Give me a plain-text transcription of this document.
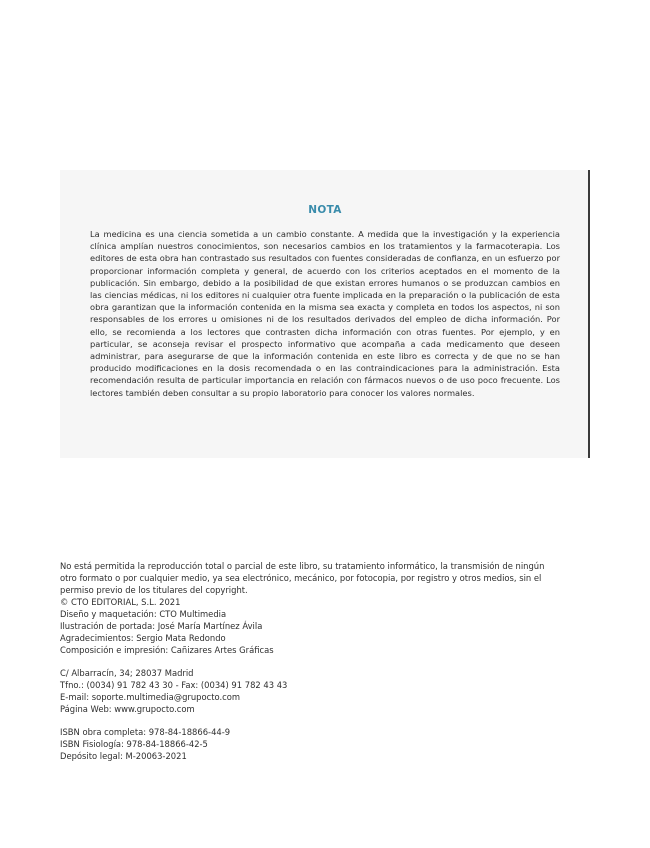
NOTA
La medicina es una ciencia sometida a un cambio constante. A medida que la investigación y la experiencia clínica amplían nuestros conocimientos, son necesarios cambios en los tratamientos y la farmacoterapia. Los editores de esta obra han contrastado sus resultados con fuentes consideradas de confianza, en un esfuerzo por proporcionar información completa y general, de acuerdo con los criterios aceptados en el momento de la publicación. Sin embargo, debido a la posibilidad de que existan errores humanos o se produzcan cambios en las ciencias médicas, ni los editores ni cualquier otra fuente implicada en la preparación o la publicación de esta obra garantizan que la información contenida en la misma sea exacta y completa en todos los aspectos, ni son responsables de los errores u omisiones ni de los resultados derivados del empleo de dicha información. Por ello, se recomienda a los lectores que contrasten dicha información con otras fuentes. Por ejemplo, y en particular, se aconseja revisar el prospecto informativo que acompaña a cada medicamento que deseen administrar, para asegurarse de que la información contenida en este libro es correcta y de que no se han producido modificaciones en la dosis recomendada o en las contraindicaciones para la administración. Esta recomendación resulta de particular importancia en relación con fármacos nuevos o de uso poco frecuente. Los lectores también deben consultar a su propio laboratorio para conocer los valores normales.

No está permitida la reproducción total o parcial de este libro, su tratamiento informático, la transmisión de ningún otro formato o por cualquier medio, ya sea electrónico, mecánico, por fotocopia, por registro y otros medios, sin el permiso previo de los titulares del copyright.

© CTO EDITORIAL, S.L. 2021

Diseño y maquetación: CTO Multimedia
Ilustración de portada: José María Martínez Ávila
Agradecimientos: Sergio Mata Redondo
Composición e impresión: Cañizares Artes Gráficas
C/ Albarracín, 34; 28037 Madrid
Tfno.: (0034) 91 782 43 30 - Fax: (0034) 91 782 43 43
E-mail: soporte.multimedia@grupocto.com
Página Web: www.grupocto.com
ISBN obra completa: 978-84-18866-44-9
ISBN Fisiología: 978-84-18866-42-5
Depósito legal: M-20063-2021
